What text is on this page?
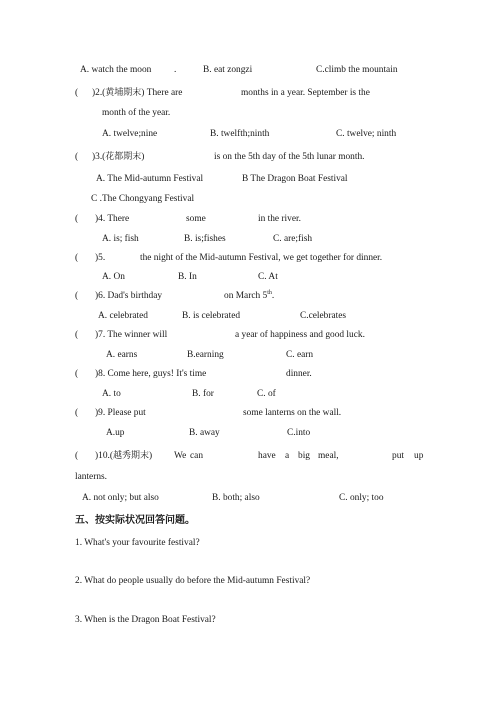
A. watch the moon .	B. eat zongzi	C.climb the mountain
( )2.(黄埔期末) There are	months in a year. September is the
month of the year.
A. twelve;nine	B. twelfth;ninth	C. twelve; ninth
( )3.(花都期末)	is on the 5th day of the 5th lunar month.
A. The Mid-autumn Festival	B The Dragon Boat Festival
C .The Chongyang Festival
( )4. There	some	in the river.
A. is; fish	B. is;fishes	C. are;fish
( )5.	the night of the Mid-autumn Festival, we get together for dinner.
A. On	B. In	C. At
( )6. Dad's birthday	on March 5th.
A. celebrated	B. is celebrated	C.celebrates
( )7. The winner will	a year of happiness and good luck.
A. earns	B.earning	C. earn
( )8. Come here, guys! It's time	dinner.
A. to	B. for	C. of
( )9. Please put	some lanterns on the wall.
A.up	B. away	C.into
( )10.(越秀期末) We can	have a big meal,	put up
lanterns.
A. not only; but also	B. both; also	C. only; too
五、按实际状况回答问题。
1. What's your favourite festival?
2. What do people usually do before the Mid-autumn Festival?
3. When is the Dragon Boat Festival?
